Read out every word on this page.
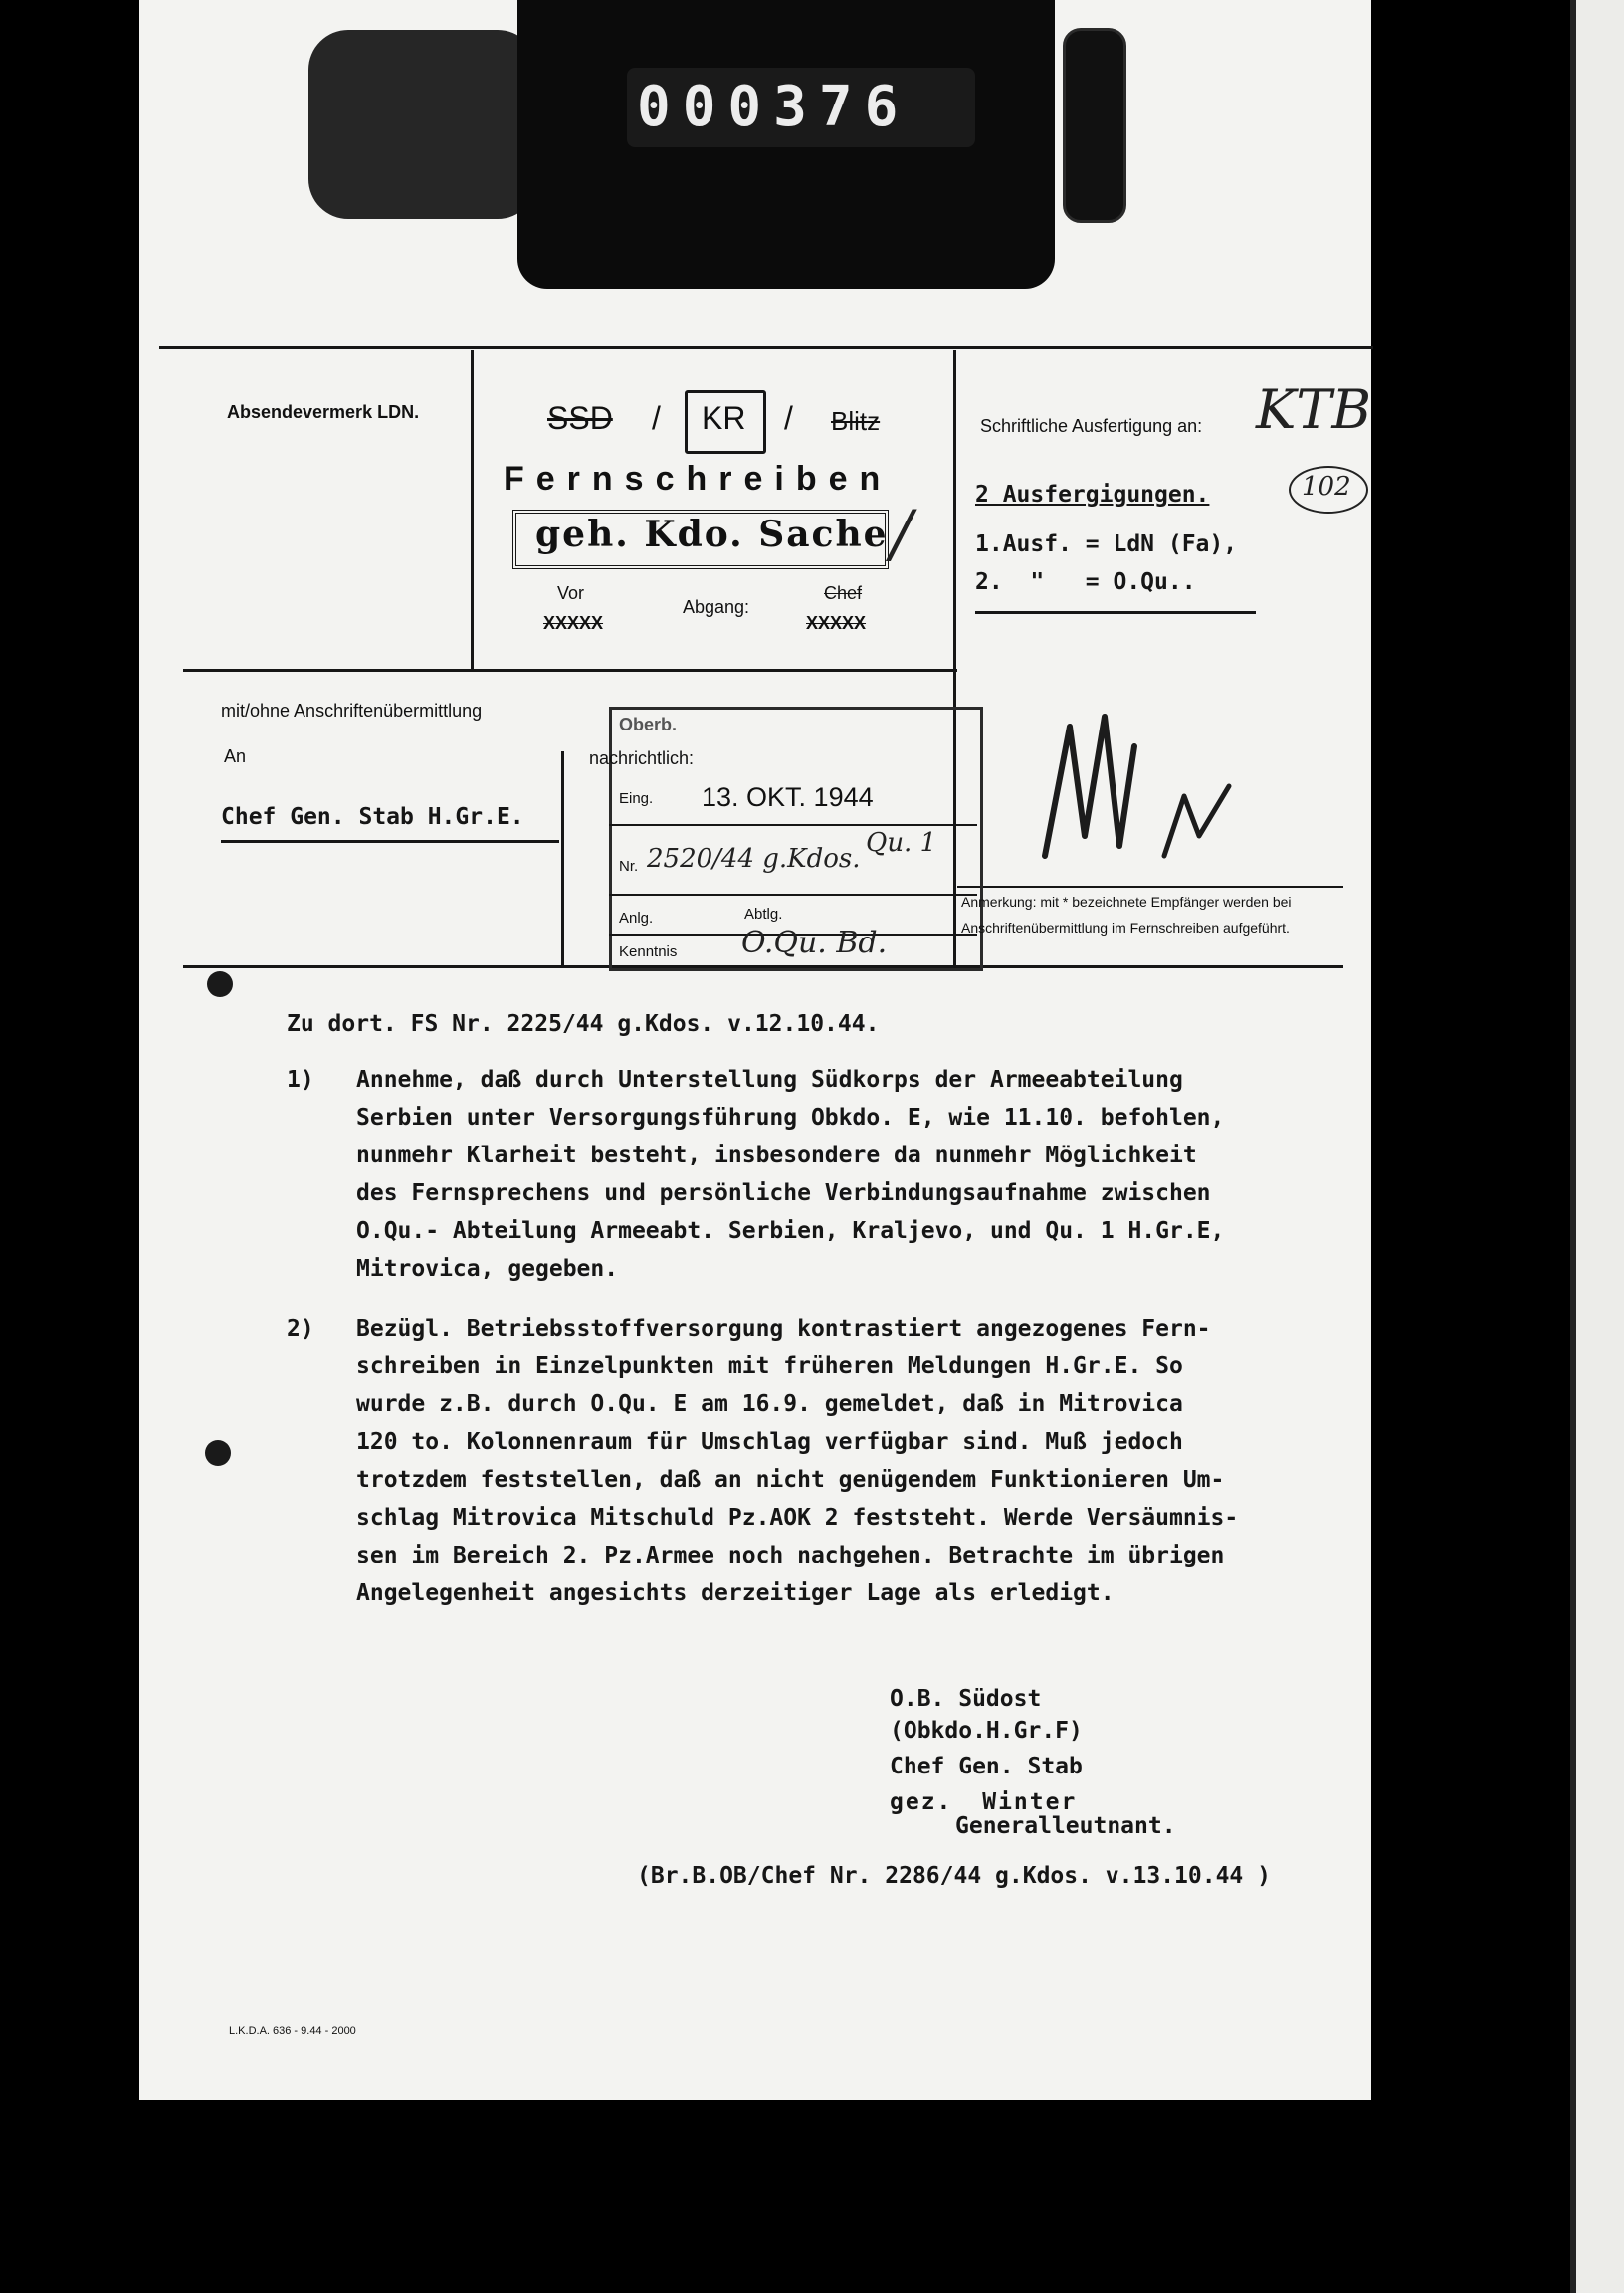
000376
Absendevermerk LDN.	SSD / KR / Blitz
Fernschreiben
geh. Kdo. Sache /
Vor
XXXXX
Abgang:
Chef
XXXXX
Schriftliche Ausfertigung an: KTB
102
2 Ausfergigungen.
1.Ausf. = LdN (Fa),
2.  "   = O.Qu..
mit/ohne Anschriftenübermittlung
An
Chef Gen. Stab H.Gr.E.
Oberb.
nachrichtlich:
Eing. 13. OKT. 1944
Nr. 2520/44 g.Kdos.
Qu. 1
Anlg.	Abtlg.
Kenntnis O.Qu. Bd.
Anmerkung: mit * bezeichnete Empfänger werden bei
Anschriftenübermittlung im Fernschreiben aufgeführt.
Zu dort. FS Nr. 2225/44 g.Kdos. v.12.10.44.
1) Annehme, daß durch Unterstellung Südkorps der Armeeabteilung
Serbien unter Versorgungsführung Obkdo. E, wie 11.10. befohlen,
nunmehr Klarheit besteht, insbesondere da nunmehr Möglichkeit
des Fernsprechens und persönliche Verbindungsaufnahme zwischen
O.Qu.- Abteilung Armeeabt. Serbien, Kraljevo, und Qu. 1 H.Gr.E,
Mitrovica, gegeben.
2) Bezügl. Betriebsstoffversorgung kontrastiert angezogenes Fern-
schreiben in Einzelpunkten mit früheren Meldungen H.Gr.E. So
wurde z.B. durch O.Qu. E am 16.9. gemeldet, daß in Mitrovica
120 to. Kolonnenraum für Umschlag verfügbar sind. Muß jedoch
trotzdem feststellen, daß an nicht genügendem Funktionieren Um-
schlag Mitrovica Mitschuld Pz.AOK 2 feststeht. Werde Versäumnis-
sen im Bereich 2. Pz.Armee noch nachgehen. Betrachte im übrigen
Angelegenheit angesichts derzeitiger Lage als erledigt.
O.B. Südost
(Obkdo.H.Gr.F)
Chef Gen. Stab
gez. Winter
Generalleutnant.
(Br.B.OB/Chef Nr. 2286/44 g.Kdos. v.13.10.44 )
L.K.D.A. 636 - 9.44 - 2000
